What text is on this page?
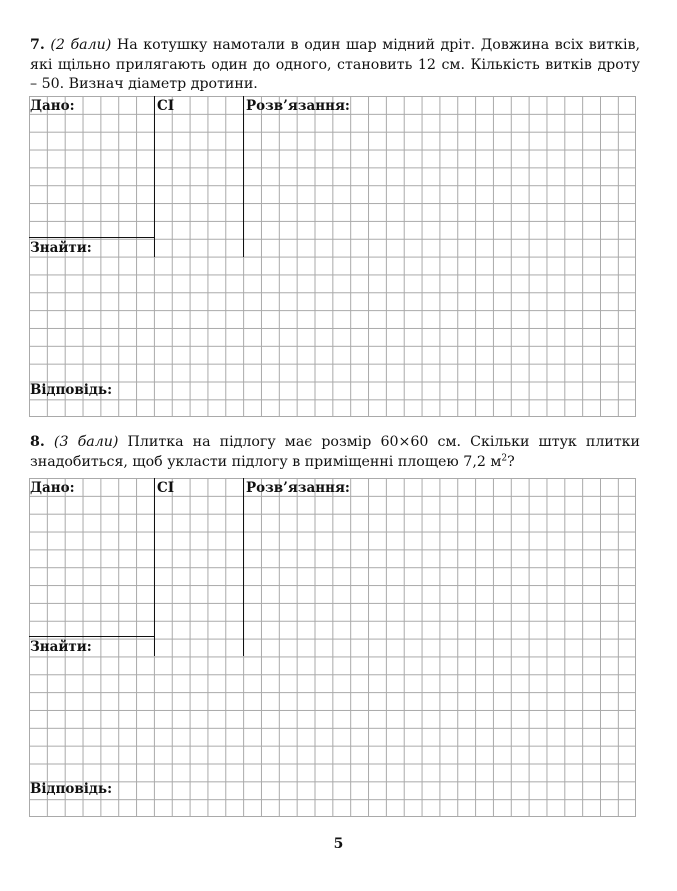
7. (2 бали) На котушку намотали в один шар мідний дріт. Довжина всіх витків, які щільно прилягають один до одного, становить 12 см. Кількість витків дроту – 50. Визнач діаметр дротини.
Дано:	СІ	Розв’язання:
Знайти:
Відповідь:
8. (3 бали) Плитка на підлогу має розмір 60×60 см. Скільки штук плитки знадобиться, щоб укласти підлогу в приміщенні площею 7,2 $м^2$?
Дано:	СІ	Розв’язання:
Знайти:
Відповідь:
5
